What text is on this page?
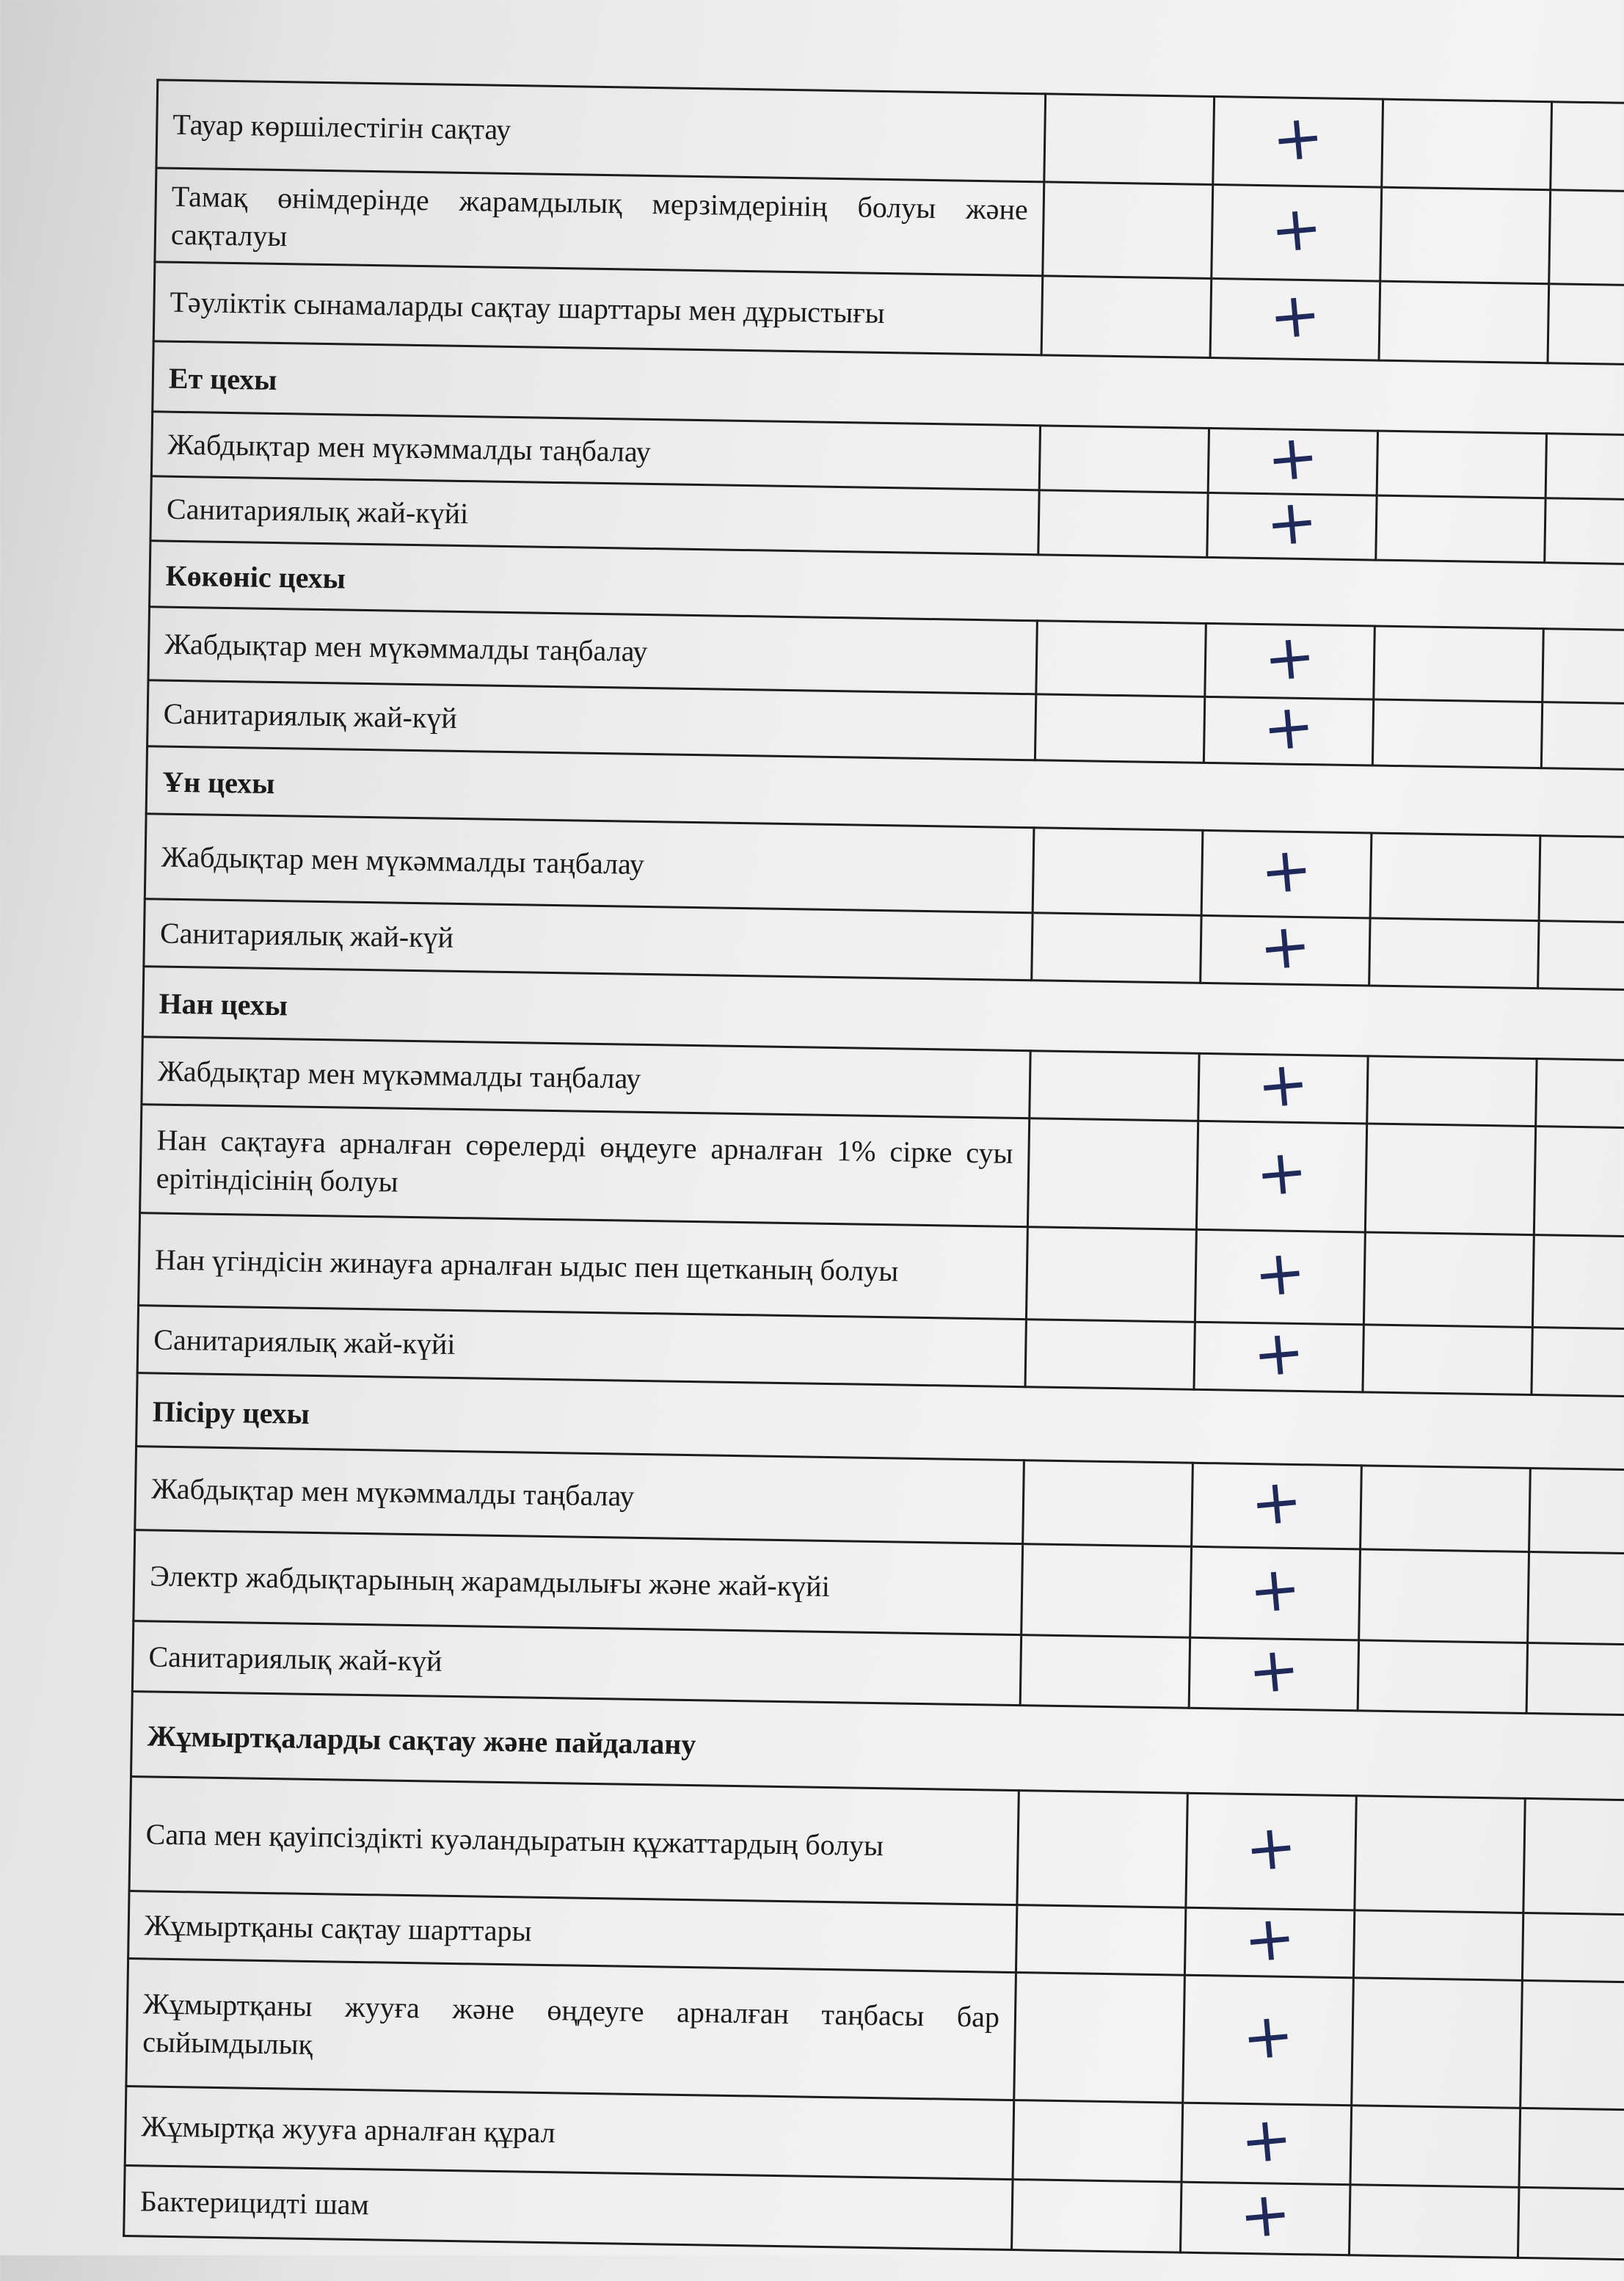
Тауар көршілестігін сақтау		+		
Тамақ өнімдерінде жарамдылық мерзімдерінің болуы және сақталуы		+		
Тәуліктік сынамаларды сақтау шарттары мен дұрыстығы		+		
Ет цехы				
Жабдықтар мен мүкәммалды таңбалау		+		
Санитариялық жай-күйі		+		
Көкөніс цехы				
Жабдықтар мен мүкәммалды таңбалау		+		
Санитариялық жай-күй		+		
Ұн цехы				
Жабдықтар мен мүкәммалды таңбалау		+		
Санитариялық жай-күй		+		
Нан цехы				
Жабдықтар мен мүкәммалды таңбалау		+		
Нан сақтауға арналған сөрелерді өңдеуге арналған 1% сірке суы ерітіндісінің болуы		+		
Нан үгіндісін жинауға арналған ыдыс пен щетканың болуы		+		
Санитариялық жай-күйі		+		
Пісіру цехы				
Жабдықтар мен мүкәммалды таңбалау		+		
Электр жабдықтарының жарамдылығы және жай-күйі		+		
Санитариялық жай-күй		+		
Жұмыртқаларды сақтау және пайдалану				
Сапа мен қауіпсіздікті куәландыратын құжаттардың болуы		+		
Жұмыртқаны сақтау шарттары		+		
Жұмыртқаны жууға және өңдеуге арналған таңбасы бар сыйымдылық		+		
Жұмыртқа жууға арналған құрал		+		
Бактерицидті шам		+		
